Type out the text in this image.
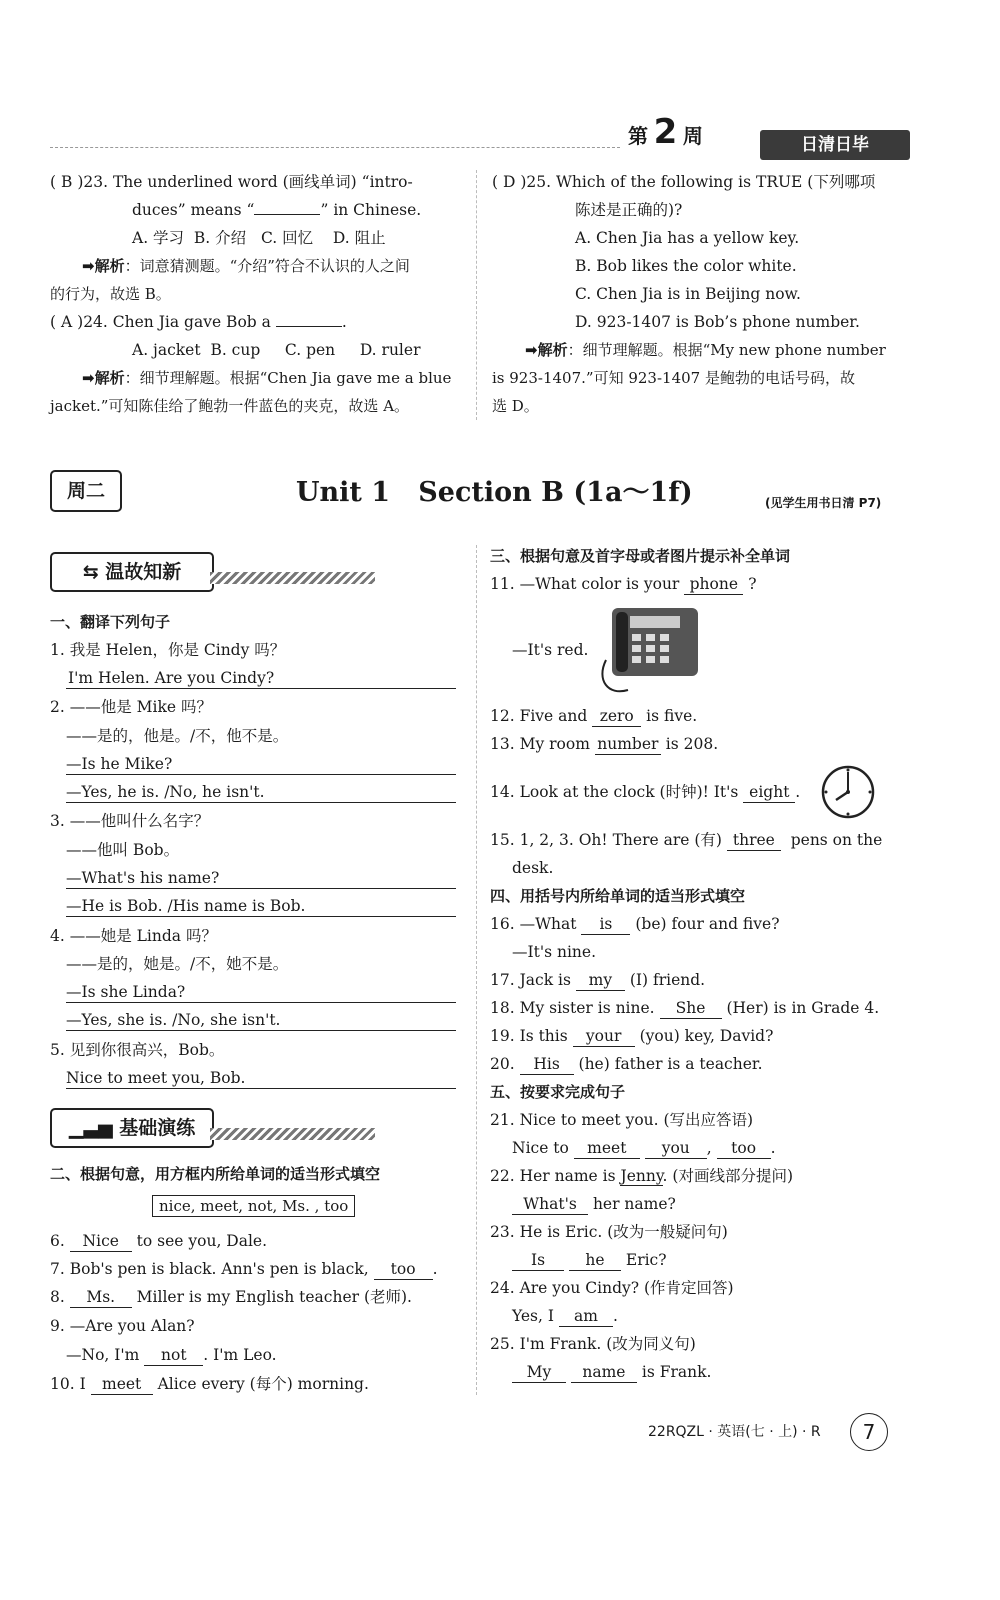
第 2 周	日清日毕
( B )23. The underlined word (画线单词) “intro-
duces” means “	” in Chinese.
A. 学习 B. 介绍 C. 回忆 D. 阻止
➡解析：词意猜测题。“介绍”符合不认识的人之间
的行为，故选 B。
( A )24. Chen Jia gave Bob a	.
A. jacket B. cup C. pen D. ruler
➡解析：细节理解题。根据“Chen Jia gave me a blue
jacket.”可知陈佳给了鲍勃一件蓝色的夹克，故选 A。
( D )25. Which of the following is TRUE (下列哪项
陈述是正确的)?
A. Chen Jia has a yellow key.
B. Bob likes the color white.
C. Chen Jia is in Beijing now.
D. 923-1407 is Bob’s phone number.
➡解析：细节理解题。根据“My new phone number
is 923-1407.”可知 923-1407 是鲍勃的电话号码，故
选 D。
周二	Unit 1 Section B (1a～1f)	(见学生用书日清 P7)
⇆ 温故知新
一、翻译下列句子
1. 我是 Helen，你是 Cindy 吗？
I'm Helen. Are you Cindy?
2. ——他是 Mike 吗？
——是的，他是。/不，他不是。
—Is he Mike?
—Yes, he is. /No, he isn't.
3. ——他叫什么名字？
——他叫 Bob。
—What's his name?
—He is Bob. /His name is Bob.
4. ——她是 Linda 吗？
——是的，她是。/不，她不是。
—Is she Linda?
—Yes, she is. /No, she isn't.
5. 见到你很高兴，Bob。
Nice to meet you, Bob.
▁▃▅ 基础演练
二、根据句意，用方框内所给单词的适当形式填空
nice, meet, not, Ms. , too
6. Nice to see you, Dale.
7. Bob's pen is black. Ann's pen is black, too .
8. Ms. Miller is my English teacher (老师).
9. —Are you Alan?
—No, I'm not . I'm Leo.
10. I meet Alice every (每个) morning.
三、根据句意及首字母或者图片提示补全单词
11. —What color is your phone ?
—It's red.
12. Five and zero is five.
13. My room number is 208.
14. Look at the clock (时钟)! It's eight .
15. 1, 2, 3. Oh! There are (有) three pens on the
desk.
四、用括号内所给单词的适当形式填空
16. —What is (be) four and five?
—It's nine.
17. Jack is my (I) friend.
18. My sister is nine. She (Her) is in Grade 4.
19. Is this your (you) key, David?
20. His (he) father is a teacher.
五、按要求完成句子
21. Nice to meet you. (写出应答语)
Nice to meet you , too .
22. Her name is Jenny. (对画线部分提问)
What's her name?
23. He is Eric. (改为一般疑问句)
Is	he Eric?
24. Are you Cindy? (作肯定回答)
Yes, I am .
25. I'm Frank. (改为同义句)
My name is Frank.
22RQZL · 英语(七 · 上) · R	7
